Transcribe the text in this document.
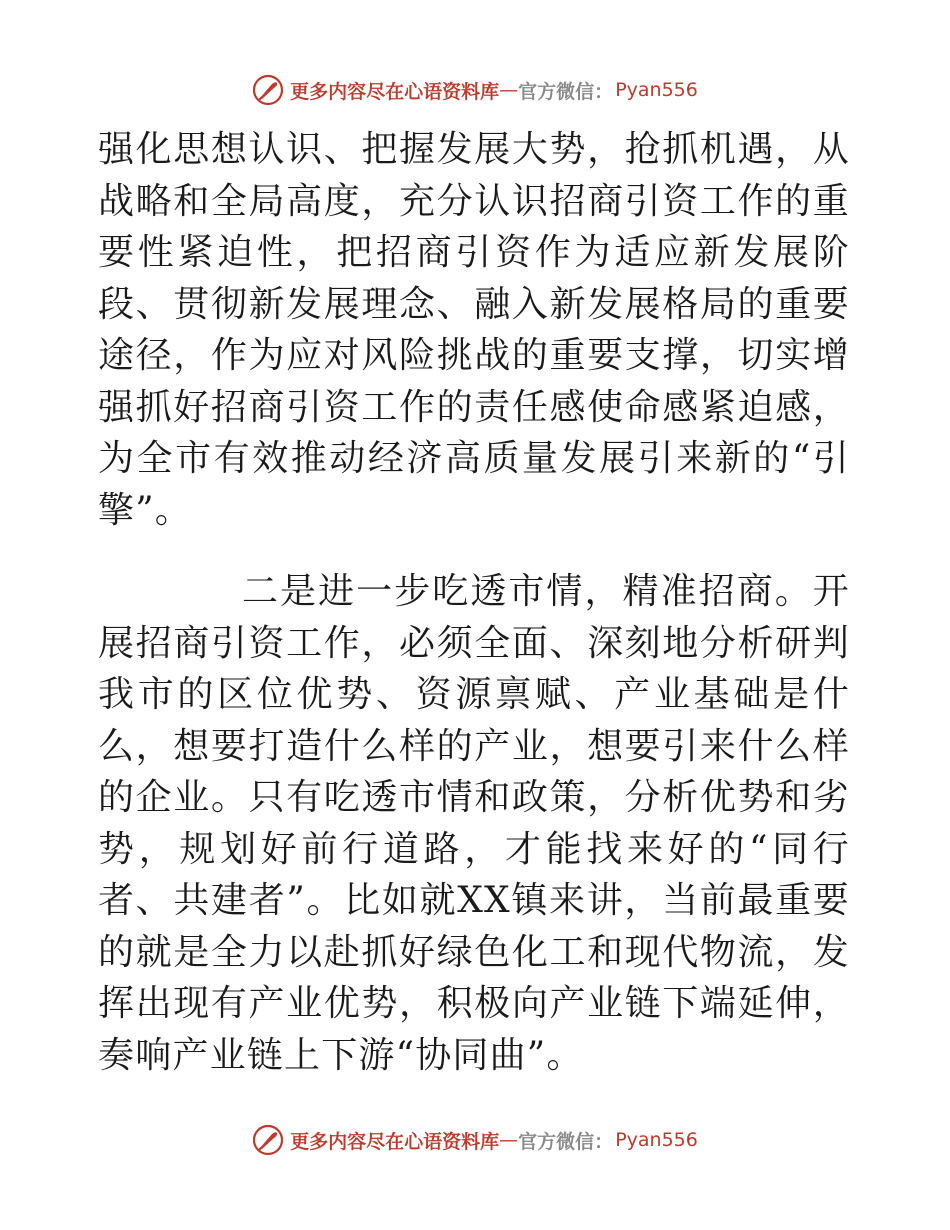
更多内容尽在心语资料库 — 官方微信： Pyan556

强化思想认识、把握发展大势，抢抓机遇，从战略和全局高度，充分认识招商引资工作的重要性紧迫性，把招商引资作为适应新发展阶段、贯彻新发展理念、融入新发展格局的重要途径，作为应对风险挑战的重要支撑，切实增强抓好招商引资工作的责任感使命感紧迫感，为全市有效推动经济高质量发展引来新的“引擎”。

二是进一步吃透市情，精准招商。开展招商引资工作，必须全面、深刻地分析研判我市的区位优势、资源禀赋、产业基础是什么，想要打造什么样的产业，想要引来什么样的企业。只有吃透市情和政策，分析优势和劣势，规划好前行道路，才能找来好的“同行者、共建者”。比如就XX镇来讲，当前最重要的就是全力以赴抓好绿色化工和现代物流，发挥出现有产业优势，积极向产业链下端延伸，奏响产业链上下游“协同曲”。

更多内容尽在心语资料库 — 官方微信： Pyan556
